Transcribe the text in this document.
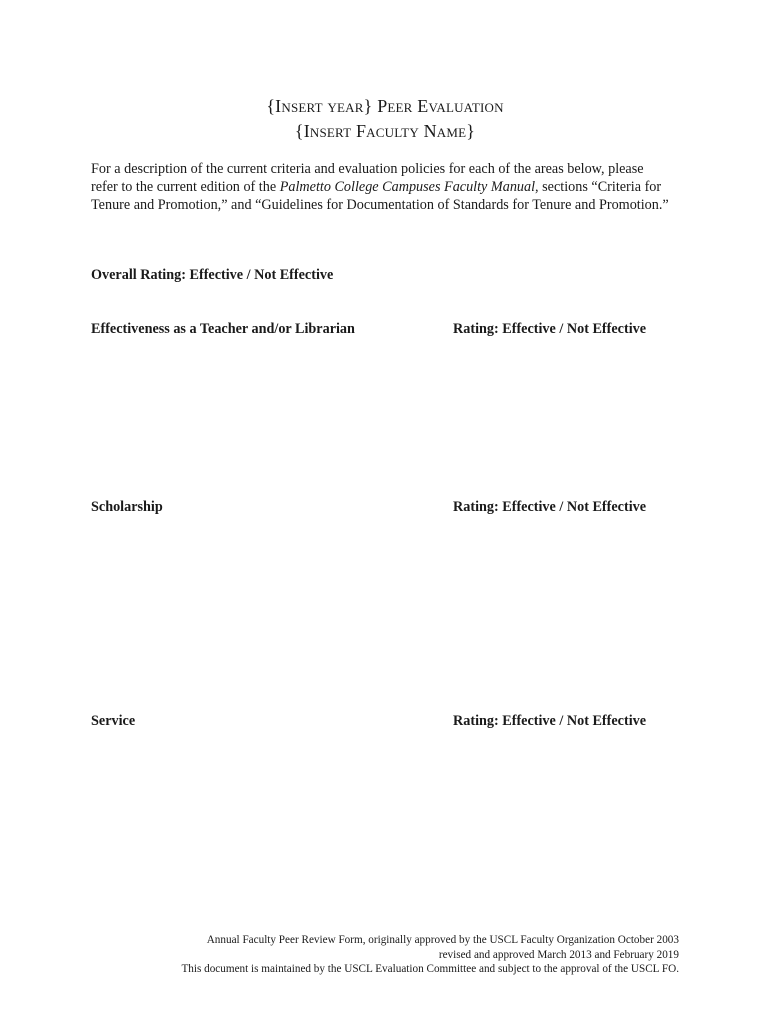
{Insert year} Peer Evaluation
{Insert Faculty Name}
For a description of the current criteria and evaluation policies for each of the areas below, please refer to the current edition of the Palmetto College Campuses Faculty Manual, sections “Criteria for Tenure and Promotion,” and “Guidelines for Documentation of Standards for Tenure and Promotion.”
Overall Rating: Effective / Not Effective
Effectiveness as a Teacher and/or Librarian	Rating: Effective / Not Effective
Scholarship	Rating: Effective / Not Effective
Service	Rating: Effective / Not Effective
Annual Faculty Peer Review Form, originally approved by the USCL Faculty Organization October 2003
revised and approved March 2013 and February 2019
This document is maintained by the USCL Evaluation Committee and subject to the approval of the USCL FO.
